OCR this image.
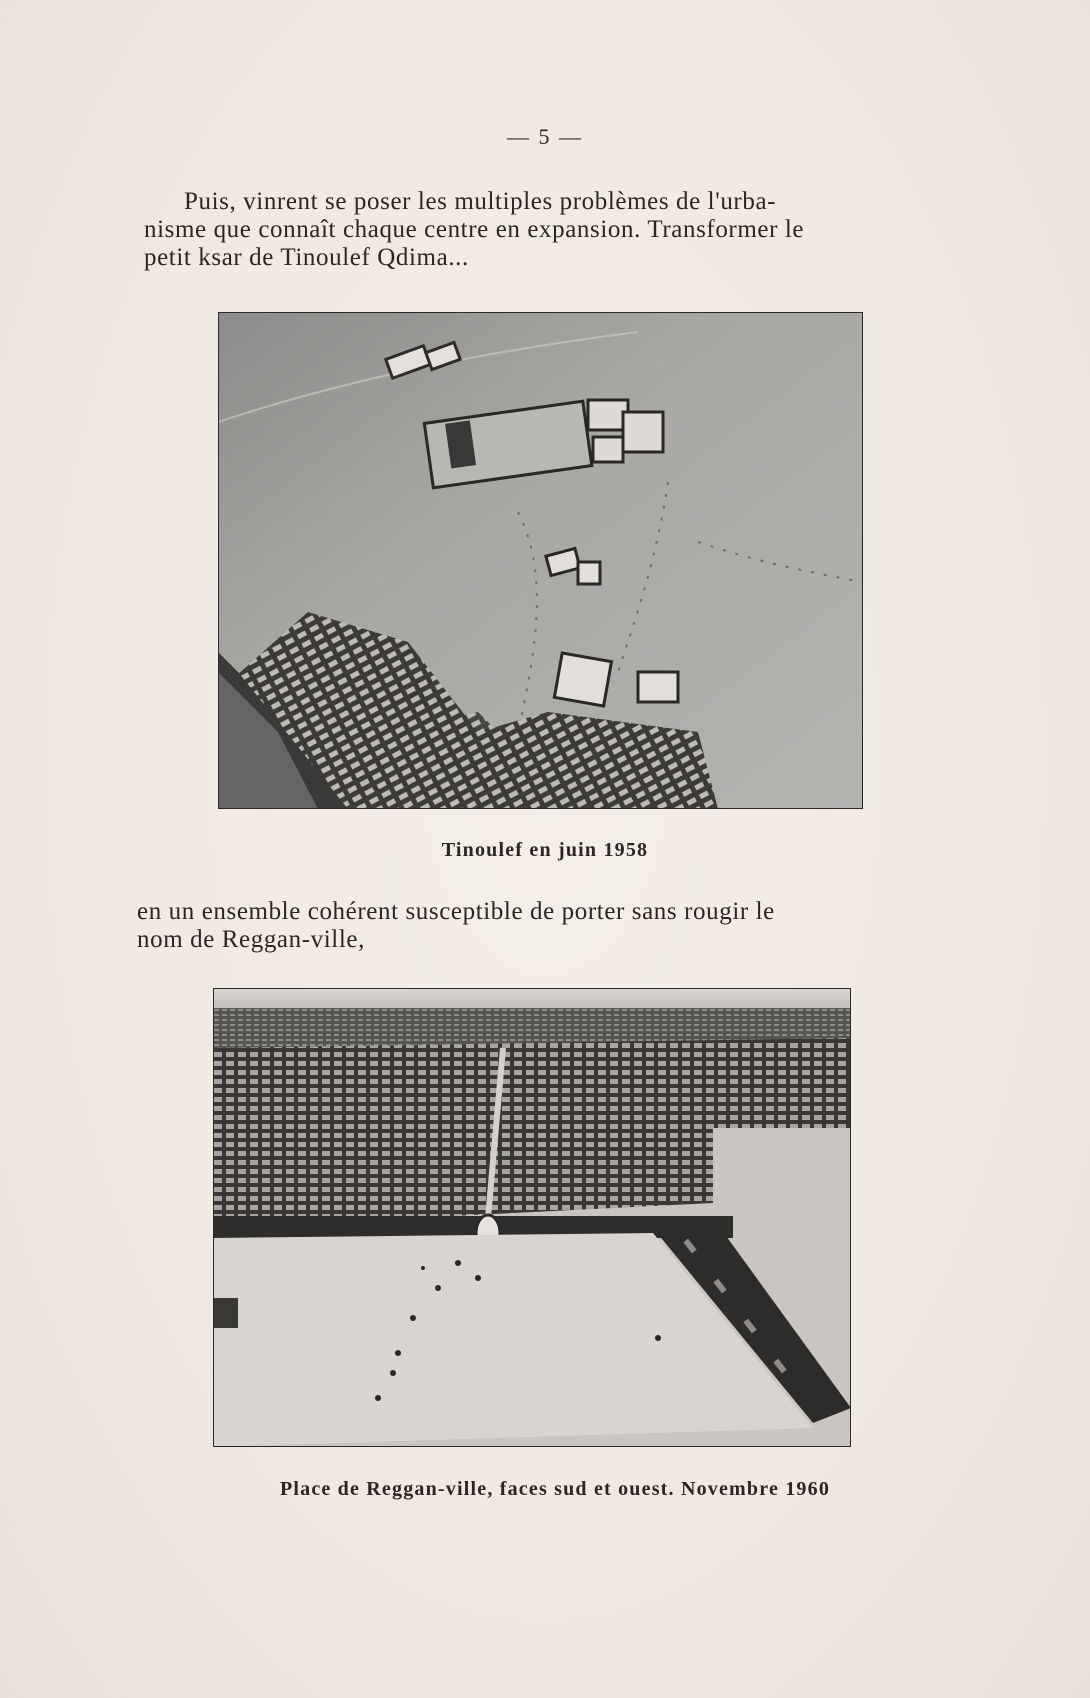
— 5 —
Puis, vinrent se poser les multiples problèmes de l'urba-
nisme que connaît chaque centre en expansion. Transformer le
petit ksar de Tinoulef Qdima...
Tinoulef en juin 1958
en un ensemble cohérent susceptible de porter sans rougir le
nom de Reggan-ville,
Place de Reggan-ville, faces sud et ouest. Novembre 1960
